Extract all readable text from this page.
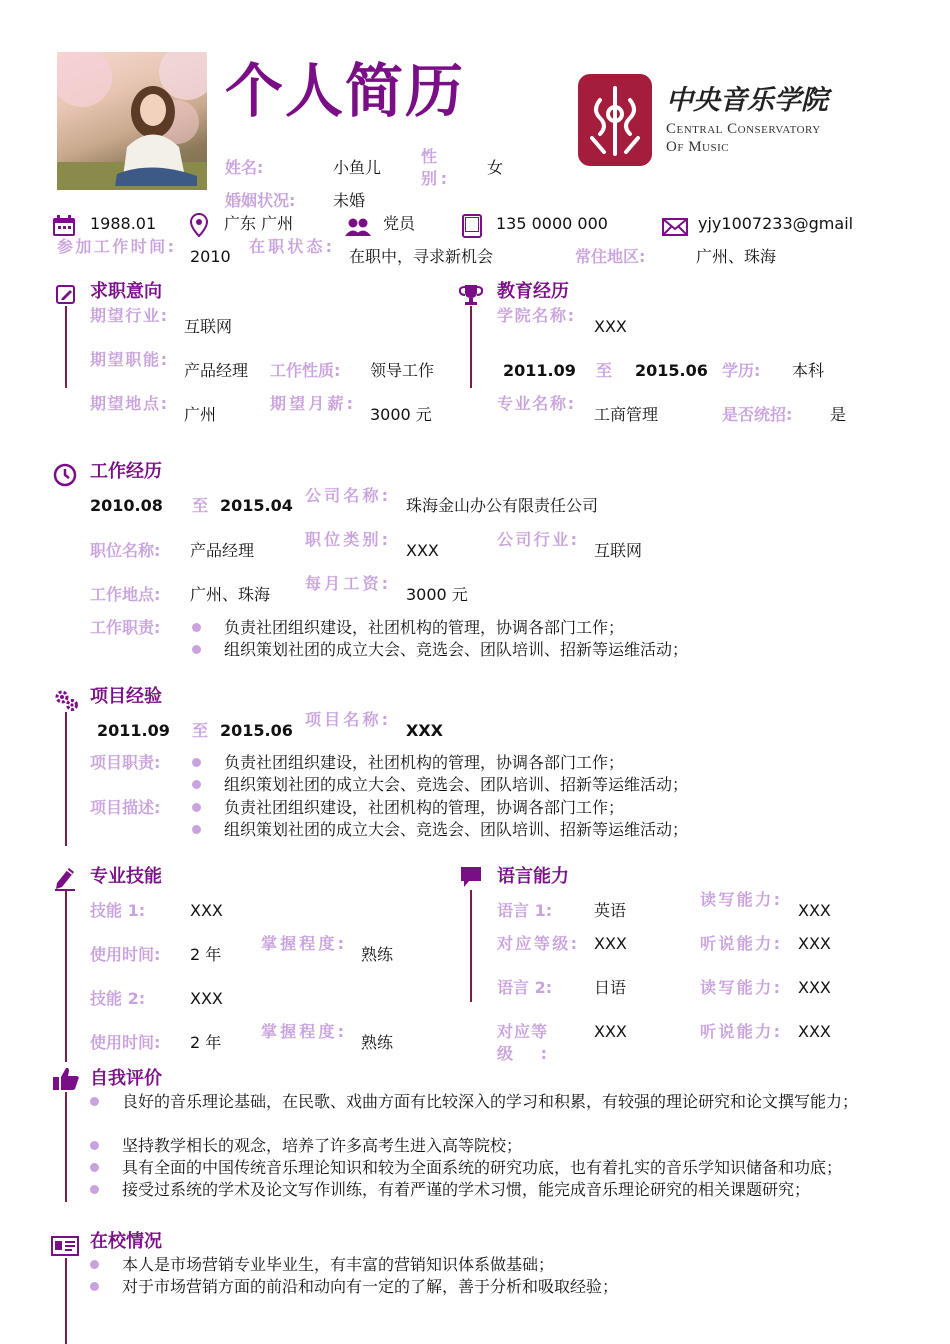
个人简历	中央音乐学院
Central Conservatory
Of Music
姓名:	小鱼儿
性别:
女
婚姻状况: 未婚
1988.01	广东 广州	党员	135 0000 000	yjy1007233@gmail
参加工作时间:
2010
在职状态:
在职中，寻求新机会	常住地区:	广州、珠海
求职意向
期望行业:
互联网
期望职能:
产品经理 工作性质: 领导工作
期望地点:
广州
期望月薪:
3000 元
教育经历
学院名称:
XXX
2011.09 至 2015.06 学历: 本科
专业名称:
工商管理	是否统招: 是
工作经历
2010.08 至 2015.04
公司名称:
珠海金山办公有限责任公司
职位名称: 产品经理
职位类别:
XXX
公司行业:
互联网
工作地点: 广州、珠海
每月工资:
3000 元
工作职责:	负责社团组织建设，社团机构的管理，协调各部门工作；
组织策划社团的成立大会、竞选会、团队培训、招新等运维活动；
项目经验
2011.09 至 2015.06
项目名称:
XXX
项目职责:	负责社团组织建设，社团机构的管理，协调各部门工作；
组织策划社团的成立大会、竞选会、团队培训、招新等运维活动；
项目描述:	负责社团组织建设，社团机构的管理，协调各部门工作；
组织策划社团的成立大会、竞选会、团队培训、招新等运维活动；
专业技能
技能 1:	XXX
使用时间: 2 年
掌握程度:
熟练
技能 2:	XXX
使用时间: 2 年
掌握程度:
熟练
语言能力
语言 1:	英语
读写能力:
XXX
对应等级: XXX	听说能力: XXX
语言 2:	日语	读写能力: XXX
对应等级:
XXX	听说能力: XXX
自我评价
良好的音乐理论基础，在民歌、戏曲方面有比较深入的学习和积累，有较强的理论研究和论文撰写能力；
坚持教学相长的观念，培养了许多高考生进入高等院校；
具有全面的中国传统音乐理论知识和较为全面系统的研究功底，也有着扎实的音乐学知识储备和功底；
接受过系统的学术及论文写作训练，有着严谨的学术习惯，能完成音乐理论研究的相关课题研究；
在校情况
本人是市场营销专业毕业生，有丰富的营销知识体系做基础；
对于市场营销方面的前沿和动向有一定的了解，善于分析和吸取经验；
